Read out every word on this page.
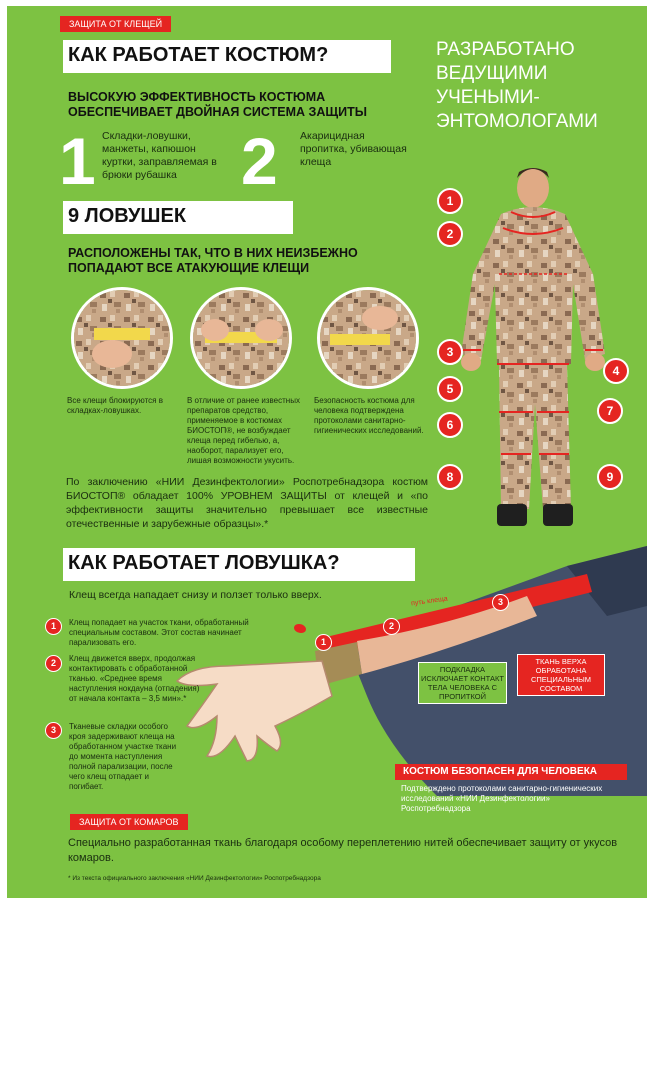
ЗАЩИТА ОТ КЛЕЩЕЙ
КАК РАБОТАЕТ КОСТЮМ?
ВЫСОКУЮ ЭФФЕКТИВНОСТЬ КОСТЮМА
ОБЕСПЕЧИВАЕТ ДВОЙНАЯ СИСТЕМА ЗАЩИТЫ
1 Складки-ловушки, манжеты, капюшон куртки, заправляемая в брюки рубашка 2 Акарицидная пропитка, убивающая клеща
РАЗРАБОТАНО
ВЕДУЩИМИ
УЧЕНЫМИ-
ЭНТОМОЛОГАМИ
9 ЛОВУШЕК
РАСПОЛОЖЕНЫ ТАК, ЧТО В НИХ НЕИЗБЕЖНО
ПОПАДАЮТ ВСЕ АТАКУЮЩИЕ КЛЕЩИ
Все клещи блокируются в складках-ловушках.
В отличие от ранее известных препаратов средство, применяемое в костюмах БИОСТОП®, не возбуждает клеща перед гибелью, а, наоборот, парализует его, лишая возможности укусить.
Безопасность костюма для человека подтверждена протоколами санитарно-гигиенических исследований.
По заключению «НИИ Дезинфектологии» Роспотребнадзора костюм БИОСТОП® обладает 100% УРОВНЕМ ЗАЩИТЫ от клещей и «по эффективности защиты значительно превышает все известные отечественные и зарубежные образцы».*
1
2
3
4
5
6
7
8	9
КАК РАБОТАЕТ ЛОВУШКА?
Клещ всегда нападает снизу и ползет только вверх.
1
2
3
путь клеща
1	Клещ попадает на участок ткани, обработанный специальным составом. Этот состав начинает парализовать его.
2	Клещ движется вверх, продолжая контактировать с обработанной тканью. «Среднее время наступления нокдауна (отпадения) от начала контакта – 3,5 мин».*
3	Тканевые складки особого кроя задерживают клеща на обработанном участке ткани до момента наступления полной парализации, после чего клещ отпадает и погибает.
ПОДКЛАДКА ИСКЛЮЧАЕТ КОНТАКТ ТЕЛА ЧЕЛОВЕКА С ПРОПИТКОЙ
ТКАНЬ ВЕРХА ОБРАБОТАНА СПЕЦИАЛЬНЫМ СОСТАВОМ
КОСТЮМ БЕЗОПАСЕН ДЛЯ ЧЕЛОВЕКА
Подтверждено протоколами санитарно-гигиенических исследований «НИИ Дезинфектологии» Роспотребнадзора
ЗАЩИТА ОТ КОМАРОВ
Специально разработанная ткань благодаря особому переплетению нитей обеспечивает защиту от укусов комаров.
* Из текста официального заключения «НИИ Дезинфектологии» Роспотребнадзора
